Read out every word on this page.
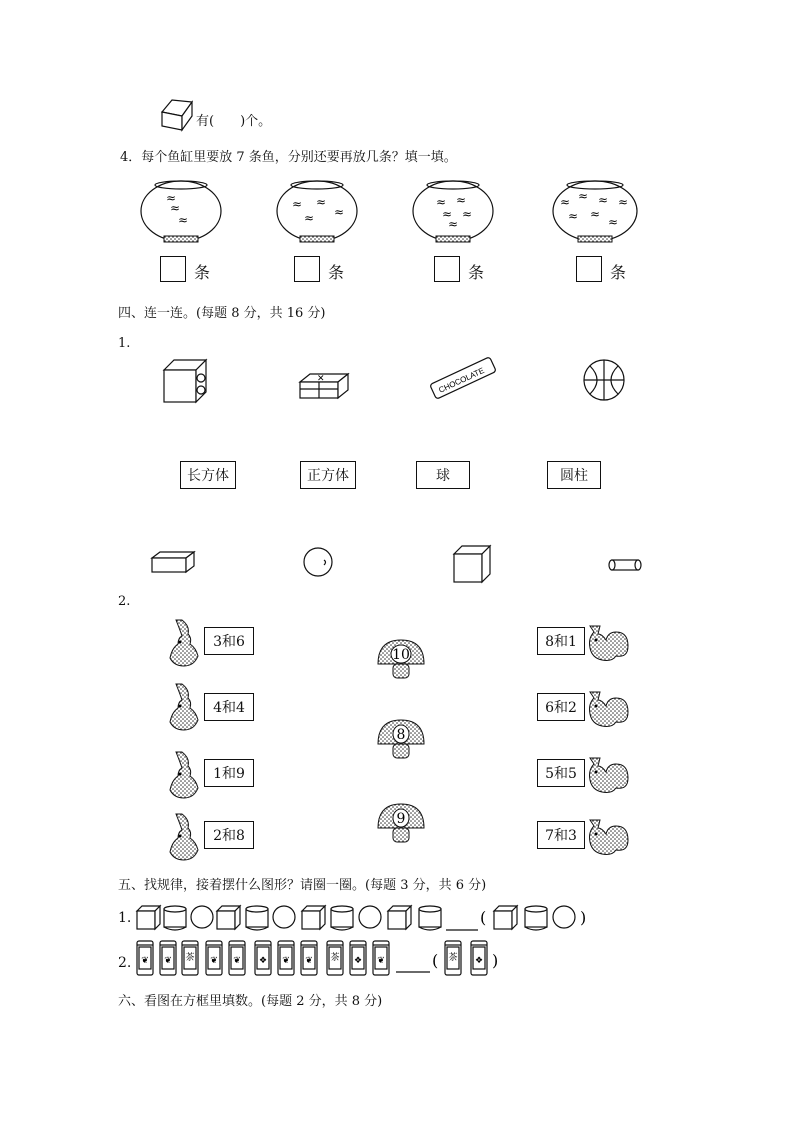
有(　　)个。
4．每个鱼缸里要放 7 条鱼，分别还要再放几条？填一填。
≈
≈
≈	≈ ≈
≈
≈
≈ ≈
≈ ≈
≈
≈ ≈ ≈ ≈
≈ ≈
≈
条	条	条	条
四、连一连。(每题 8 分，共 16 分)
1.
✕	CHOCOLATE
长方体	正方体	球	圆柱
2.
3和6
4和4
1和9
2和8
10
8
9
8和1
6和2
5和5
7和3
五、找规律，接着摆什么图形？请圈一圈。(每题 3 分，共 6 分)
1.
2.
(	)
❦ ❦ 茶 ❦ ❦ ❖ ❦ ❦ 茶 ❖ ❦	( 茶 ❖ )
六、看图在方框里填数。(每题 2 分，共 8 分)
